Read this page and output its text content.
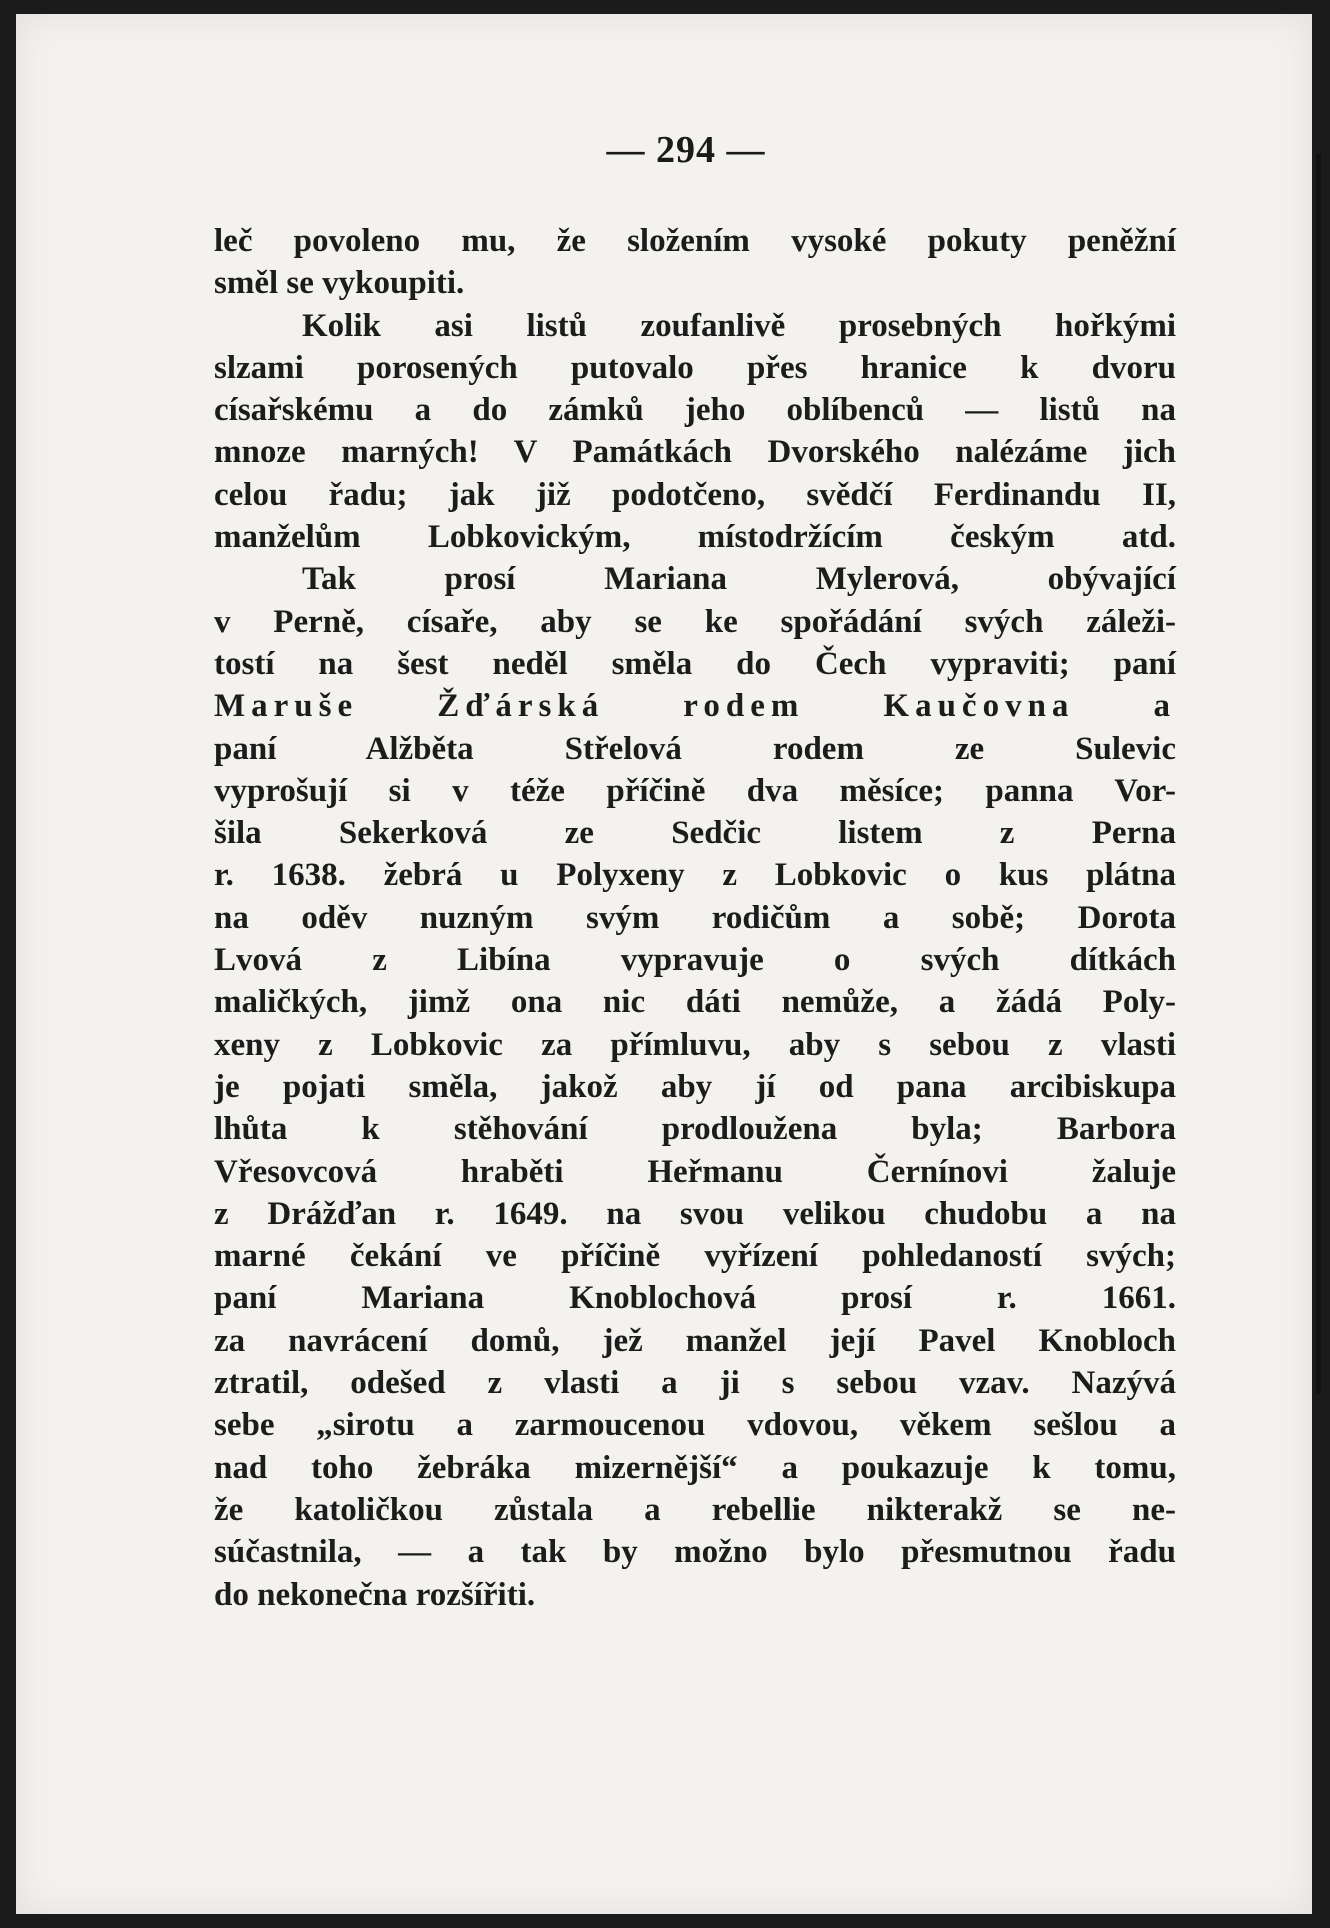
— 294 —
leč povoleno mu, že složením vysoké pokuty peněžní
směl se vykoupiti.
Kolik asi listů zoufanlivě prosebných hořkými
slzami porosených putovalo přes hranice k dvoru
císařskému a do zámků jeho oblíbenců — listů na
mnoze marných! V Památkách Dvorského nalézáme jich
celou řadu; jak již podotčeno, svědčí Ferdinandu II,
manželům Lobkovickým, místodržícím českým atd.
Tak prosí Mariana Mylerová, obývající
v Perně, císaře, aby se ke spořádání svých záleži-
tostí na šest neděl směla do Čech vypraviti; paní
Maruše Žďárská rodem Kaučovna a
paní Alžběta Střelová rodem ze Sulevic
vyprošují si v téže příčině dva měsíce; panna Vor-
šila Sekerková ze Sedčic listem z Perna
r. 1638. žebrá u Polyxeny z Lobkovic o kus plátna
na oděv nuzným svým rodičům a sobě; Dorota
Lvová z Libína vypravuje o svých dítkách
maličkých, jimž ona nic dáti nemůže, a žádá Poly-
xeny z Lobkovic za přímluvu, aby s sebou z vlasti
je pojati směla, jakož aby jí od pana arcibiskupa
lhůta k stěhování prodloužena byla; Barbora
Vřesovcová hraběti Heřmanu Černínovi žaluje
z Drážďan r. 1649. na svou velikou chudobu a na
marné čekání ve příčině vyřízení pohledaností svých;
paní Mariana Knoblochová prosí r. 1661.
za navrácení domů, jež manžel její Pavel Knobloch
ztratil, odešed z vlasti a ji s sebou vzav. Nazývá
sebe „sirotu a zarmoucenou vdovou, věkem sešlou a
nad toho žebráka mizernější“ a poukazuje k tomu,
že katoličkou zůstala a rebellie nikterakž se ne-
súčastnila, — a tak by možno bylo přesmutnou řadu
do nekonečna rozšířiti.
